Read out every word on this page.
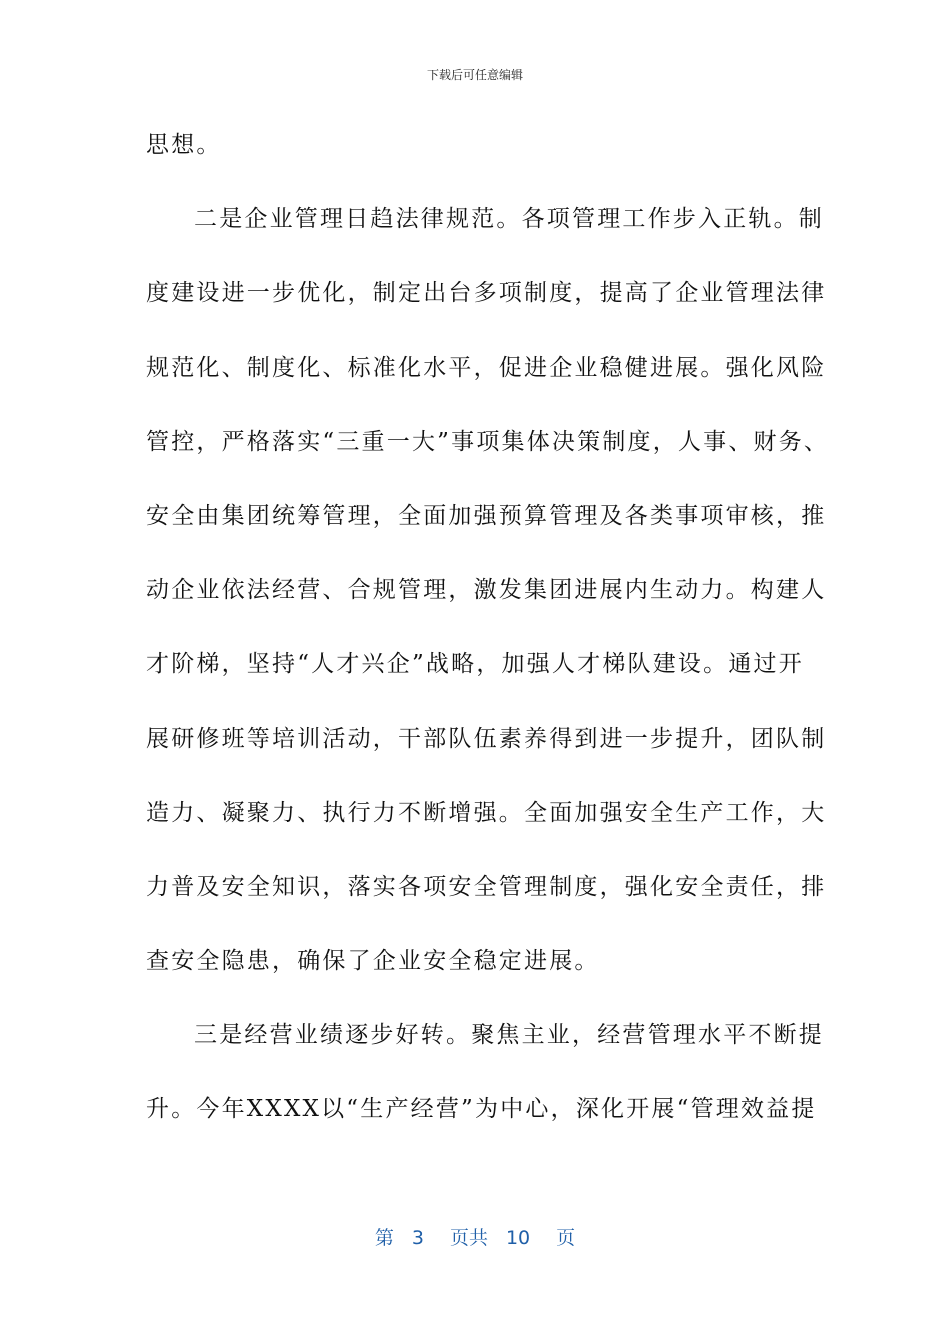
下载后可任意编辑
思想。
二是企业管理日趋法律规范。各项管理工作步入正轨。制
度建设进一步优化，制定出台多项制度，提高了企业管理法律
规范化、制度化、标准化水平，促进企业稳健进展。强化风险
管控，严格落实“三重一大”事项集体决策制度，人事、财务、
安全由集团统筹管理，全面加强预算管理及各类事项审核，推
动企业依法经营、合规管理，激发集团进展内生动力。构建人
才阶梯，坚持“人才兴企”战略，加强人才梯队建设。通过开
展研修班等培训活动，干部队伍素养得到进一步提升，团队制
造力、凝聚力、执行力不断增强。全面加强安全生产工作，大
力普及安全知识，落实各项安全管理制度，强化安全责任，排
查安全隐患，确保了企业安全稳定进展。
三是经营业绩逐步好转。聚焦主业，经营管理水平不断提
升。今年XXXX以“生产经营”为中心，深化开展“管理效益提
第 3 页共 10 页
